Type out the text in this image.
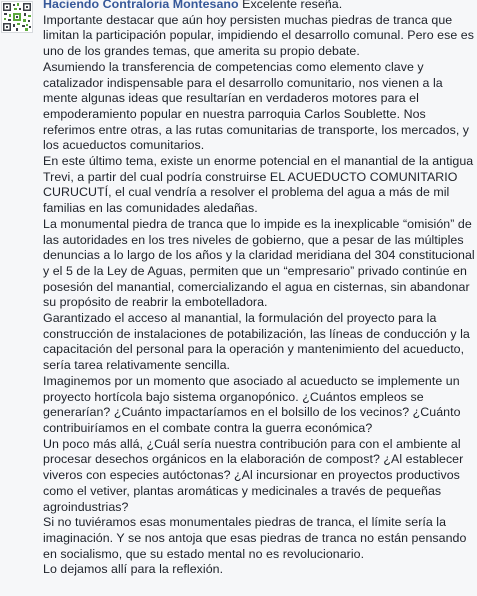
Haciendo Contraloria Montesano Excelente reseña.

Importante destacar que aún hoy persisten muchas piedras de tranca que limitan la participación popular, impidiendo el desarrollo comunal. Pero ese es uno de los grandes temas, que amerita su propio debate.

Asumiendo la transferencia de competencias como elemento clave y catalizador indispensable para el desarrollo comunitario, nos vienen a la mente algunas ideas que resultarían en verdaderos motores para el empoderamiento popular en nuestra parroquia Carlos Soublette. Nos referimos entre otras, a las rutas comunitarias de transporte, los mercados, y los acueductos comunitarios.

En este último tema, existe un enorme potencial en el manantial de la antigua Trevi, a partir del cual podría construirse EL ACUEDUCTO COMUNITARIO CURUCUTÍ, el cual vendría a resolver el problema del agua a más de mil familias en las comunidades aledañas.

La monumental piedra de tranca que lo impide es la inexplicable “omisión” de las autoridades en los tres niveles de gobierno, que a pesar de las múltiples denuncias a lo largo de los años y la claridad meridiana del 304 constitucional y el 5 de la Ley de Aguas, permiten que un “empresario” privado continúe en posesión del manantial, comercializando el agua en cisternas, sin abandonar su propósito de reabrir la embotelladora.

Garantizado el acceso al manantial, la formulación del proyecto para la construcción de instalaciones de potabilización, las líneas de conducción y la capacitación del personal para la operación y mantenimiento del acueducto, sería tarea relativamente sencilla.

Imaginemos por un momento que asociado al acueducto se implemente un proyecto hortícola bajo sistema organopónico. ¿Cuántos empleos se generarían? ¿Cuánto impactaríamos en el bolsillo de los vecinos? ¿Cuánto contribuiríamos en el combate contra la guerra económica?

Un poco más allá, ¿Cuál sería nuestra contribución para con el ambiente al procesar desechos orgánicos en la elaboración de compost? ¿Al establecer viveros con especies autóctonas? ¿Al incursionar en proyectos productivos como el vetiver, plantas aromáticas y medicinales a través de pequeñas agroindustrias?

Si no tuviéramos esas monumentales piedras de tranca, el límite sería la imaginación. Y se nos antoja que esas piedras de tranca no están pensando en socialismo, que su estado mental no es revolucionario.

Lo dejamos allí para la reflexión.
